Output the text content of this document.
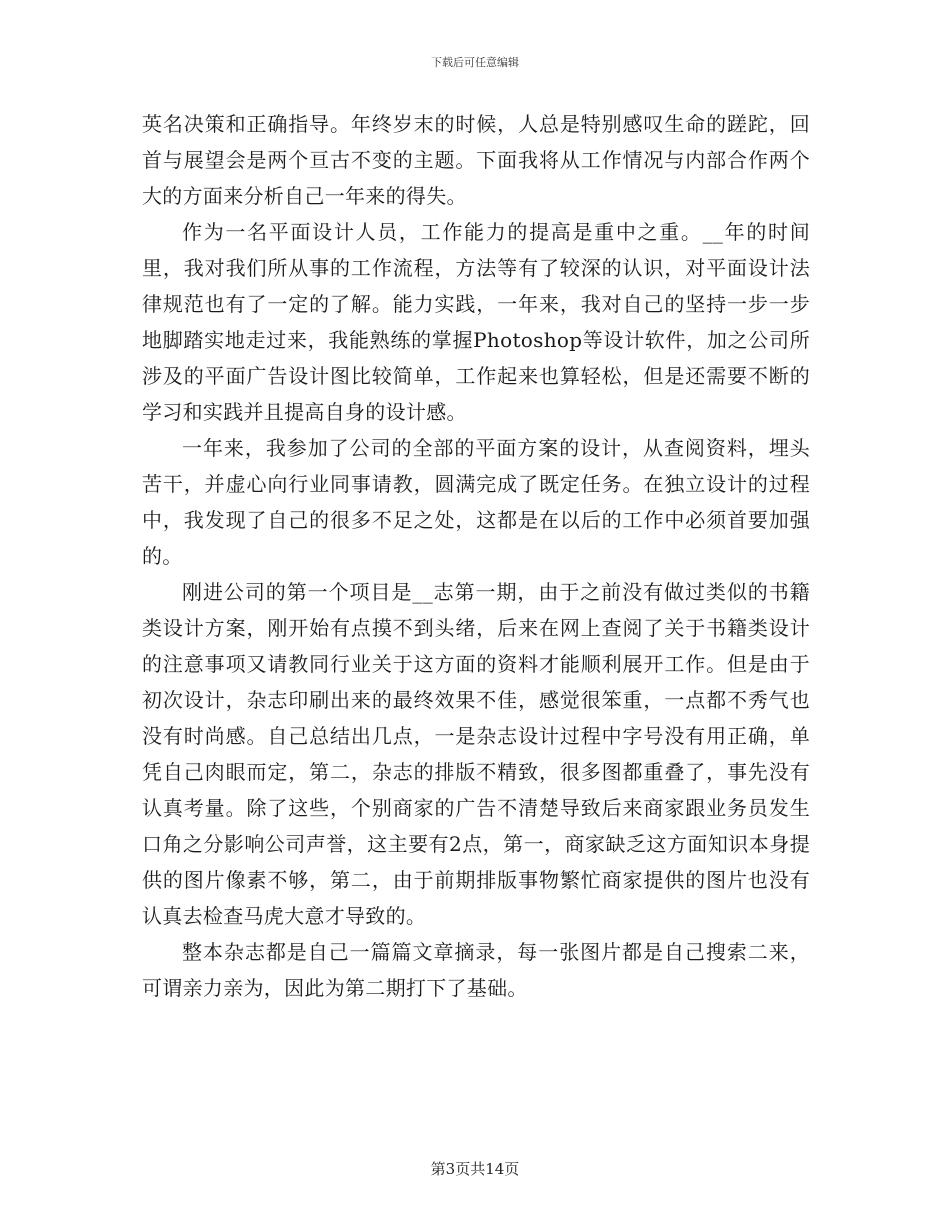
下载后可任意编辑

英名决策和正确指导。年终岁末的时候，人总是特别感叹生命的蹉跎，回首与展望会是两个亘古不变的主题。下面我将从工作情况与内部合作两个大的方面来分析自己一年来的得失。

作为一名平面设计人员，工作能力的提高是重中之重。__年的时间里，我对我们所从事的工作流程，方法等有了较深的认识，对平面设计法律规范也有了一定的了解。能力实践，一年来，我对自己的坚持一步一步地脚踏实地走过来，我能熟练的掌握Photoshop等设计软件，加之公司所涉及的平面广告设计图比较简单，工作起来也算轻松，但是还需要不断的学习和实践并且提高自身的设计感。

一年来，我参加了公司的全部的平面方案的设计，从查阅资料，埋头苦干，并虚心向行业同事请教，圆满完成了既定任务。在独立设计的过程中，我发现了自己的很多不足之处，这都是在以后的工作中必须首要加强的。

刚进公司的第一个项目是__志第一期，由于之前没有做过类似的书籍类设计方案，刚开始有点摸不到头绪，后来在网上查阅了关于书籍类设计的注意事项又请教同行业关于这方面的资料才能顺利展开工作。但是由于初次设计，杂志印刷出来的最终效果不佳，感觉很笨重，一点都不秀气也没有时尚感。自己总结出几点，一是杂志设计过程中字号没有用正确，单凭自己肉眼而定，第二，杂志的排版不精致，很多图都重叠了，事先没有认真考量。除了这些，个别商家的广告不清楚导致后来商家跟业务员发生口角之分影响公司声誉，这主要有2点，第一，商家缺乏这方面知识本身提供的图片像素不够，第二，由于前期排版事物繁忙商家提供的图片也没有认真去检查马虎大意才导致的。

整本杂志都是自己一篇篇文章摘录，每一张图片都是自己搜索二来，可谓亲力亲为，因此为第二期打下了基础。

第3页共14页
